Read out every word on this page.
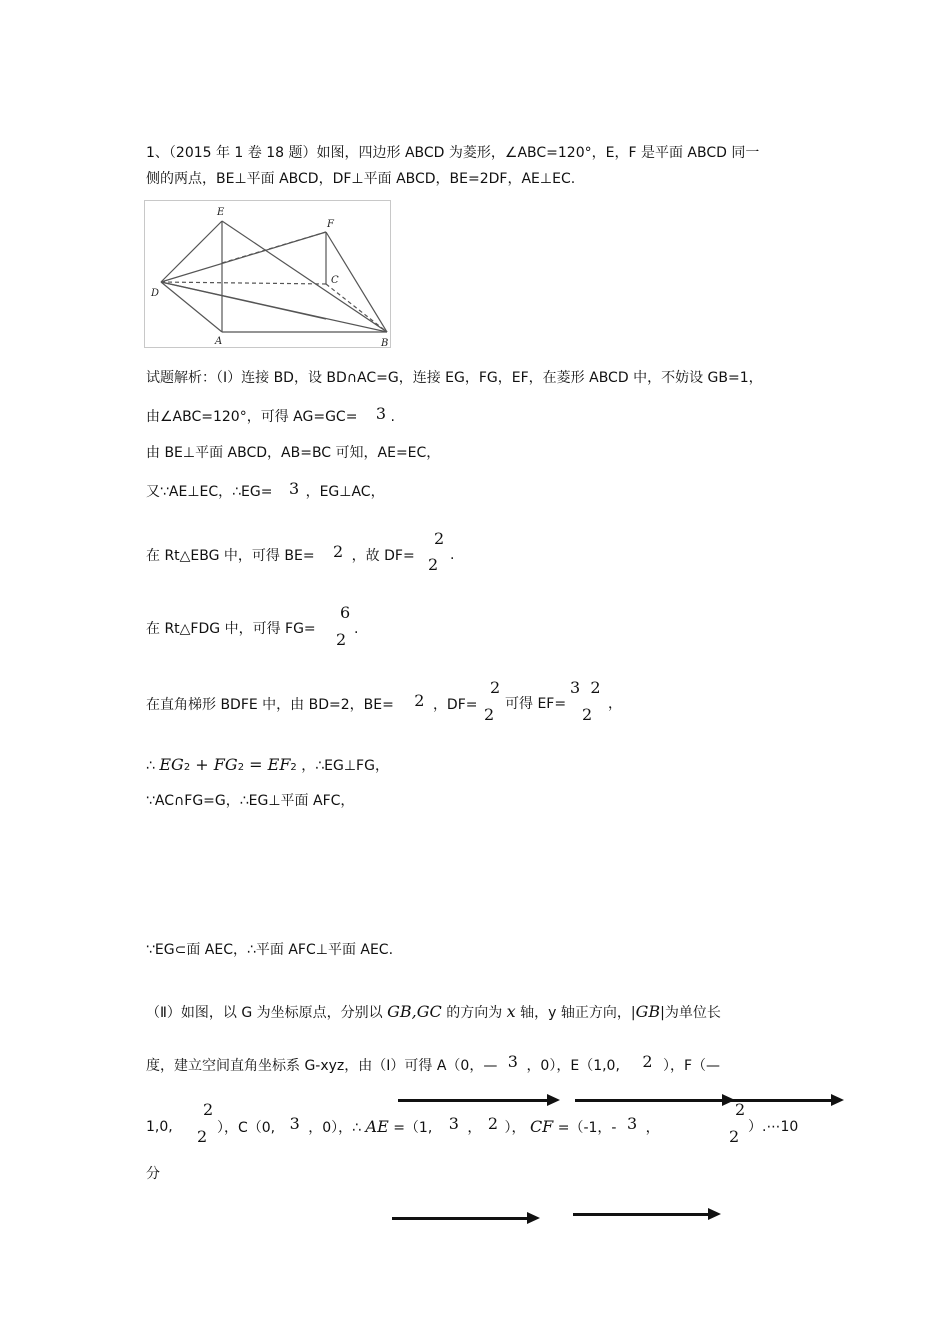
1、（2015 年 1 卷 18 题）如图，四边形 ABCD 为菱形，∠ABC=120°，E，F 是平面 ABCD 同一
侧的两点，BE⊥平面 ABCD，DF⊥平面 ABCD，BE=2DF，AE⊥EC.
E
F
C
D
A	B
试题解析：（Ⅰ）连接 BD，设 BD∩AC=G，连接 EG，FG，EF，在菱形 ABCD 中，不妨设 GB=1，
由∠ABC=120°，可得 AG=GC= 3 .
由 BE⊥平面 ABCD，AB=BC 可知，AE=EC，
又∵AE⊥EC，∴EG= 3 ，EG⊥AC，
在 Rt△EBG 中，可得 BE= 2 ，故 DF=
2
2 .
在 Rt△FDG 中，可得 FG=
6
2
.
在直角梯形 BDFE 中，由 BD=2，BE= 2 ，DF=
2
2
可得 EF=
3  2
2
，
∴ EG2 + FG2 = EF2 ，∴EG⊥FG，
∵AC∩FG=G，∴EG⊥平面 AFC，
∵EG⊂面 AEC，∴平面 AFC⊥平面 AEC.
（Ⅱ）如图，以 G 为坐标原点，分别以 GB,GC 的方向为 x 轴，y 轴正方向，|GB|为单位长
度，建立空间直角坐标系 G-xyz，由（Ⅰ）可得 A（0，— 3 ，0），E（1,0, 2 ），F（—
1,0,
2
2 ），C（0, 3 ，0），∴ AE =（1, 3 ， 2 ）， CF =（-1，- 3 ，
2
2 ）.⋯10
分
